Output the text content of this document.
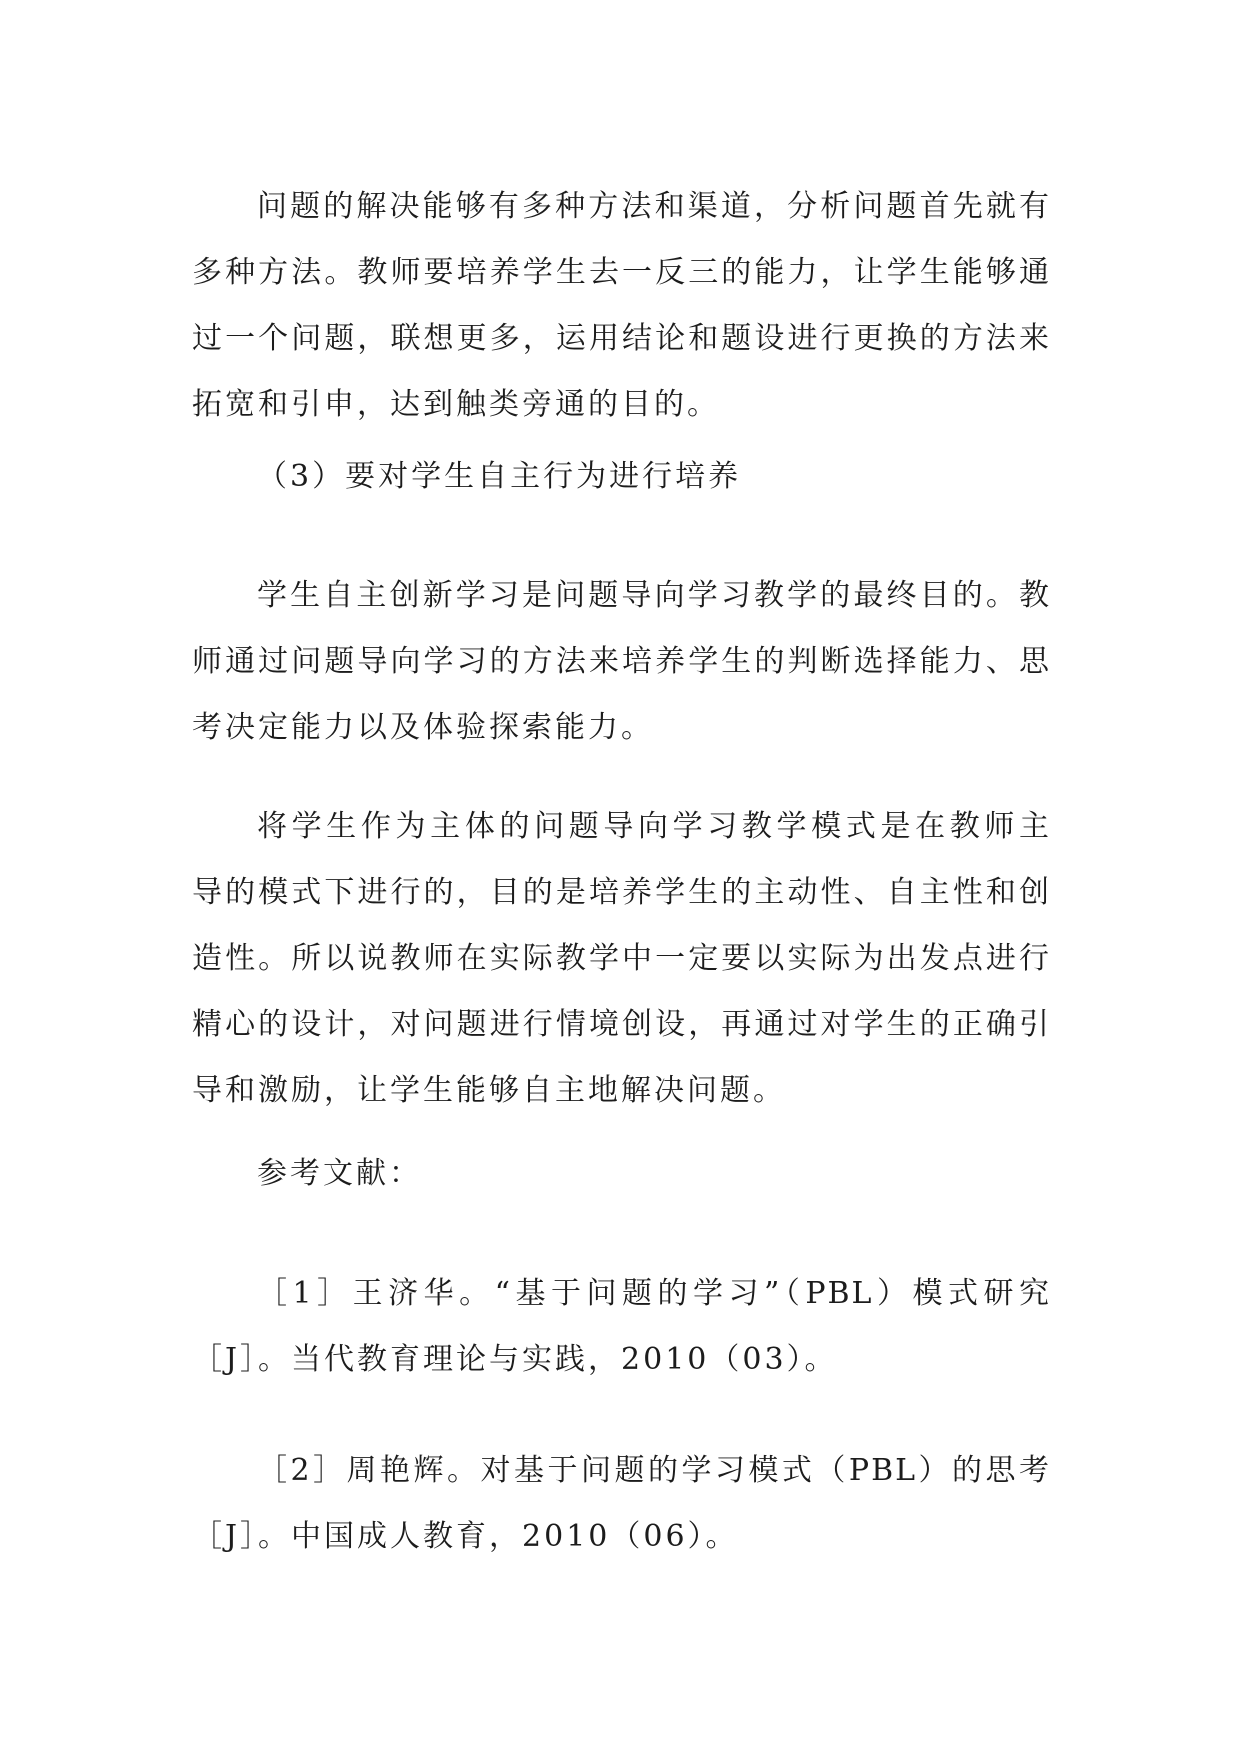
问题的解决能够有多种方法和渠道，分析问题首先就有
多种方法。教师要培养学生去一反三的能力，让学生能够通
过一个问题，联想更多，运用结论和题设进行更换的方法来
拓宽和引申，达到触类旁通的目的。
（3）要对学生自主行为进行培养
学生自主创新学习是问题导向学习教学的最终目的。教
师通过问题导向学习的方法来培养学生的判断选择能力、思
考决定能力以及体验探索能力。
将学生作为主体的问题导向学习教学模式是在教师主
导的模式下进行的，目的是培养学生的主动性、自主性和创
造性。所以说教师在实际教学中一定要以实际为出发点进行
精心的设计，对问题进行情境创设，再通过对学生的正确引
导和激励，让学生能够自主地解决问题。
参考文献：
［1］王济华。“基于问题的学习”（PBL）模式研究
［J］。当代教育理论与实践，2010（03）。
［2］周艳辉。对基于问题的学习模式（PBL）的思考
［J］。中国成人教育，2010（06）。
